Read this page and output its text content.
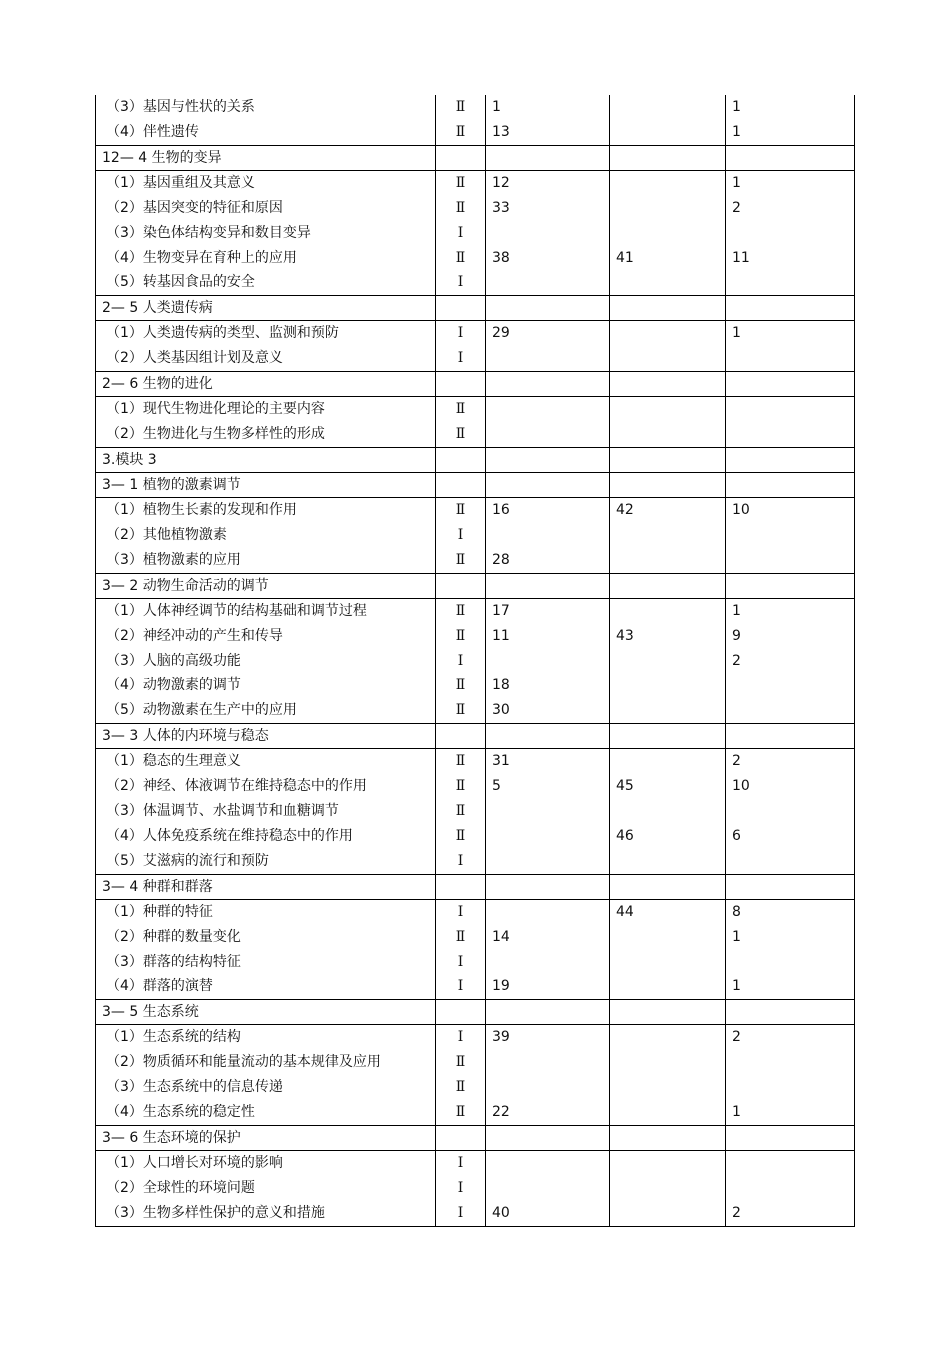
（3）基因与性状的关系	Ⅱ	1		1
（4）伴性遗传	Ⅱ	13		1
12— 4 生物的变异				
（1）基因重组及其意义	Ⅱ	12		1
（2）基因突变的特征和原因	Ⅱ	33		2
（3）染色体结构变异和数目变异	Ⅰ			
（4）生物变异在育种上的应用	Ⅱ	38	41	11
（5）转基因食品的安全	Ⅰ			
2— 5 人类遗传病				
（1）人类遗传病的类型、监测和预防	Ⅰ	29		1
（2）人类基因组计划及意义	Ⅰ			
2— 6 生物的进化				
（1）现代生物进化理论的主要内容	Ⅱ			
（2）生物进化与生物多样性的形成	Ⅱ			
3.模块 3				
3— 1 植物的激素调节				
（1）植物生长素的发现和作用	Ⅱ	16	42	10
（2）其他植物激素	Ⅰ			
（3）植物激素的应用	Ⅱ	28		
3— 2 动物生命活动的调节				
（1）人体神经调节的结构基础和调节过程	Ⅱ	17		1
（2）神经冲动的产生和传导	Ⅱ	11	43	9
（3）人脑的高级功能	Ⅰ			2
（4）动物激素的调节	Ⅱ	18		
（5）动物激素在生产中的应用	Ⅱ	30		
3— 3 人体的内环境与稳态				
（1）稳态的生理意义	Ⅱ	31		2
（2）神经、体液调节在维持稳态中的作用	Ⅱ	5	45	10
（3）体温调节、水盐调节和血糖调节	Ⅱ			
（4）人体免疫系统在维持稳态中的作用	Ⅱ		46	6
（5）艾滋病的流行和预防	Ⅰ			
3— 4 种群和群落				
（1）种群的特征	Ⅰ		44	8
（2）种群的数量变化	Ⅱ	14		1
（3）群落的结构特征	Ⅰ			
（4）群落的演替	Ⅰ	19		1
3— 5 生态系统				
（1）生态系统的结构	Ⅰ	39		2
（2）物质循环和能量流动的基本规律及应用	Ⅱ			
（3）生态系统中的信息传递	Ⅱ			
（4）生态系统的稳定性	Ⅱ	22		1
3— 6 生态环境的保护				
（1）人口增长对环境的影响	Ⅰ			
（2）全球性的环境问题	Ⅰ			
（3）生物多样性保护的意义和措施	Ⅰ	40		2
